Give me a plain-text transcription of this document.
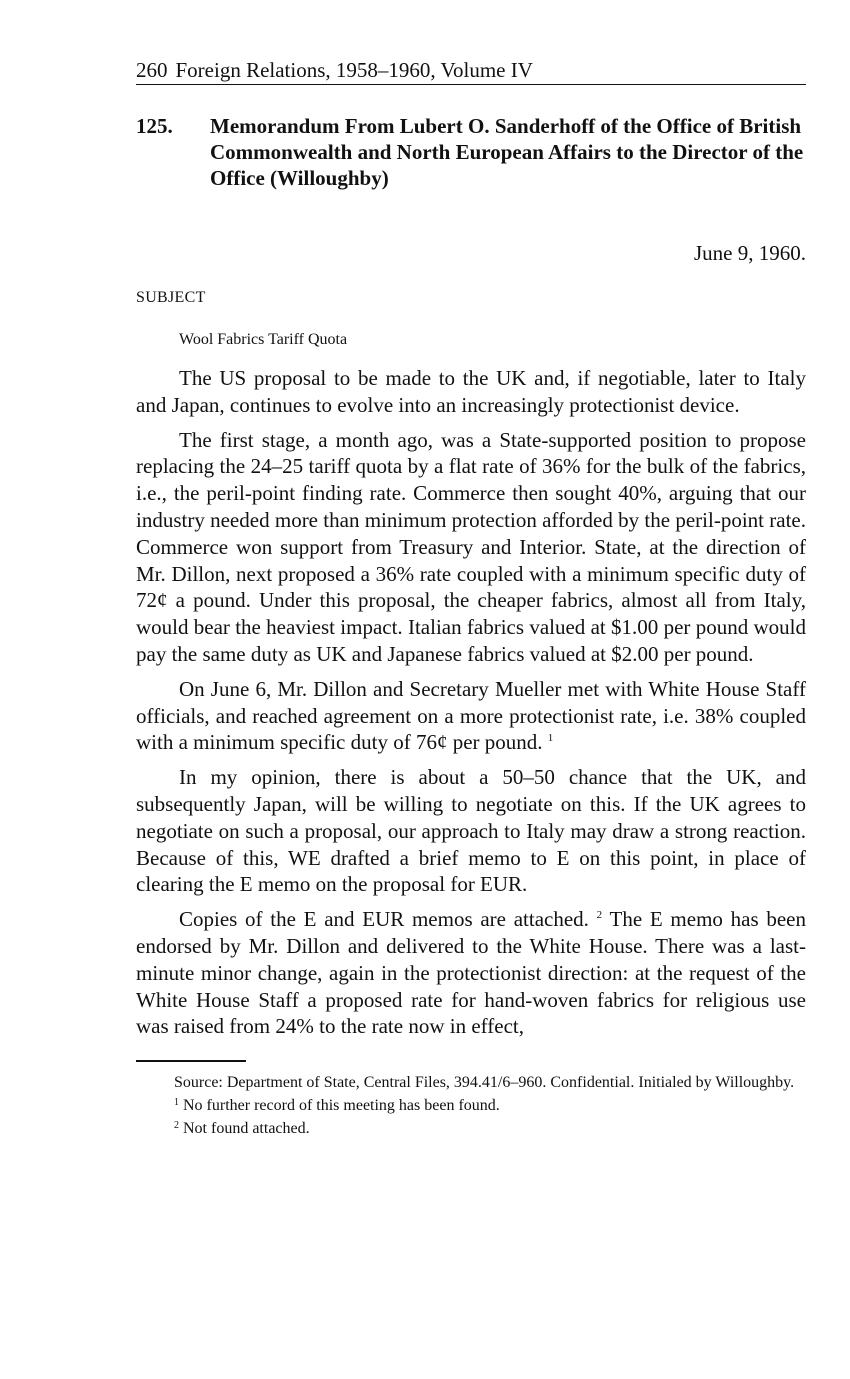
260 Foreign Relations, 1958–1960, Volume IV
125.	Memorandum From Lubert O. Sanderhoff of the Office of British Commonwealth and North European Affairs to the Director of the Office (Willoughby)
June 9, 1960.
SUBJECT
Wool Fabrics Tariff Quota

The US proposal to be made to the UK and, if negotiable, later to Italy and Japan, continues to evolve into an increasingly protectionist device.

The first stage, a month ago, was a State-supported position to propose replacing the 24–25 tariff quota by a flat rate of 36% for the bulk of the fabrics, i.e., the peril-point finding rate. Commerce then sought 40%, arguing that our industry needed more than minimum protection afforded by the peril-point rate. Commerce won support from Treasury and Interior. State, at the direction of Mr. Dillon, next proposed a 36% rate coupled with a minimum specific duty of 72¢ a pound. Under this proposal, the cheaper fabrics, almost all from Italy, would bear the heaviest impact. Italian fabrics valued at $1.00 per pound would pay the same duty as UK and Japanese fabrics valued at $2.00 per pound.

On June 6, Mr. Dillon and Secretary Mueller met with White House Staff officials, and reached agreement on a more protectionist rate, i.e. 38% coupled with a minimum specific duty of 76¢ per pound. $^1$

In my opinion, there is about a 50–50 chance that the UK, and subsequently Japan, will be willing to negotiate on this. If the UK agrees to negotiate on such a proposal, our approach to Italy may draw a strong reaction. Because of this, WE drafted a brief memo to E on this point, in place of clearing the E memo on the proposal for EUR.

Copies of the E and EUR memos are attached. $^2$ The E memo has been endorsed by Mr. Dillon and delivered to the White House. There was a last-minute minor change, again in the protectionist direction: at the request of the White House Staff a proposed rate for hand-woven fabrics for religious use was raised from 24% to the rate now in effect,

Source: Department of State, Central Files, 394.41/6–960. Confidential. Initialed by Willoughby.
$^1$ No further record of this meeting has been found.
$^2$ Not found attached.
